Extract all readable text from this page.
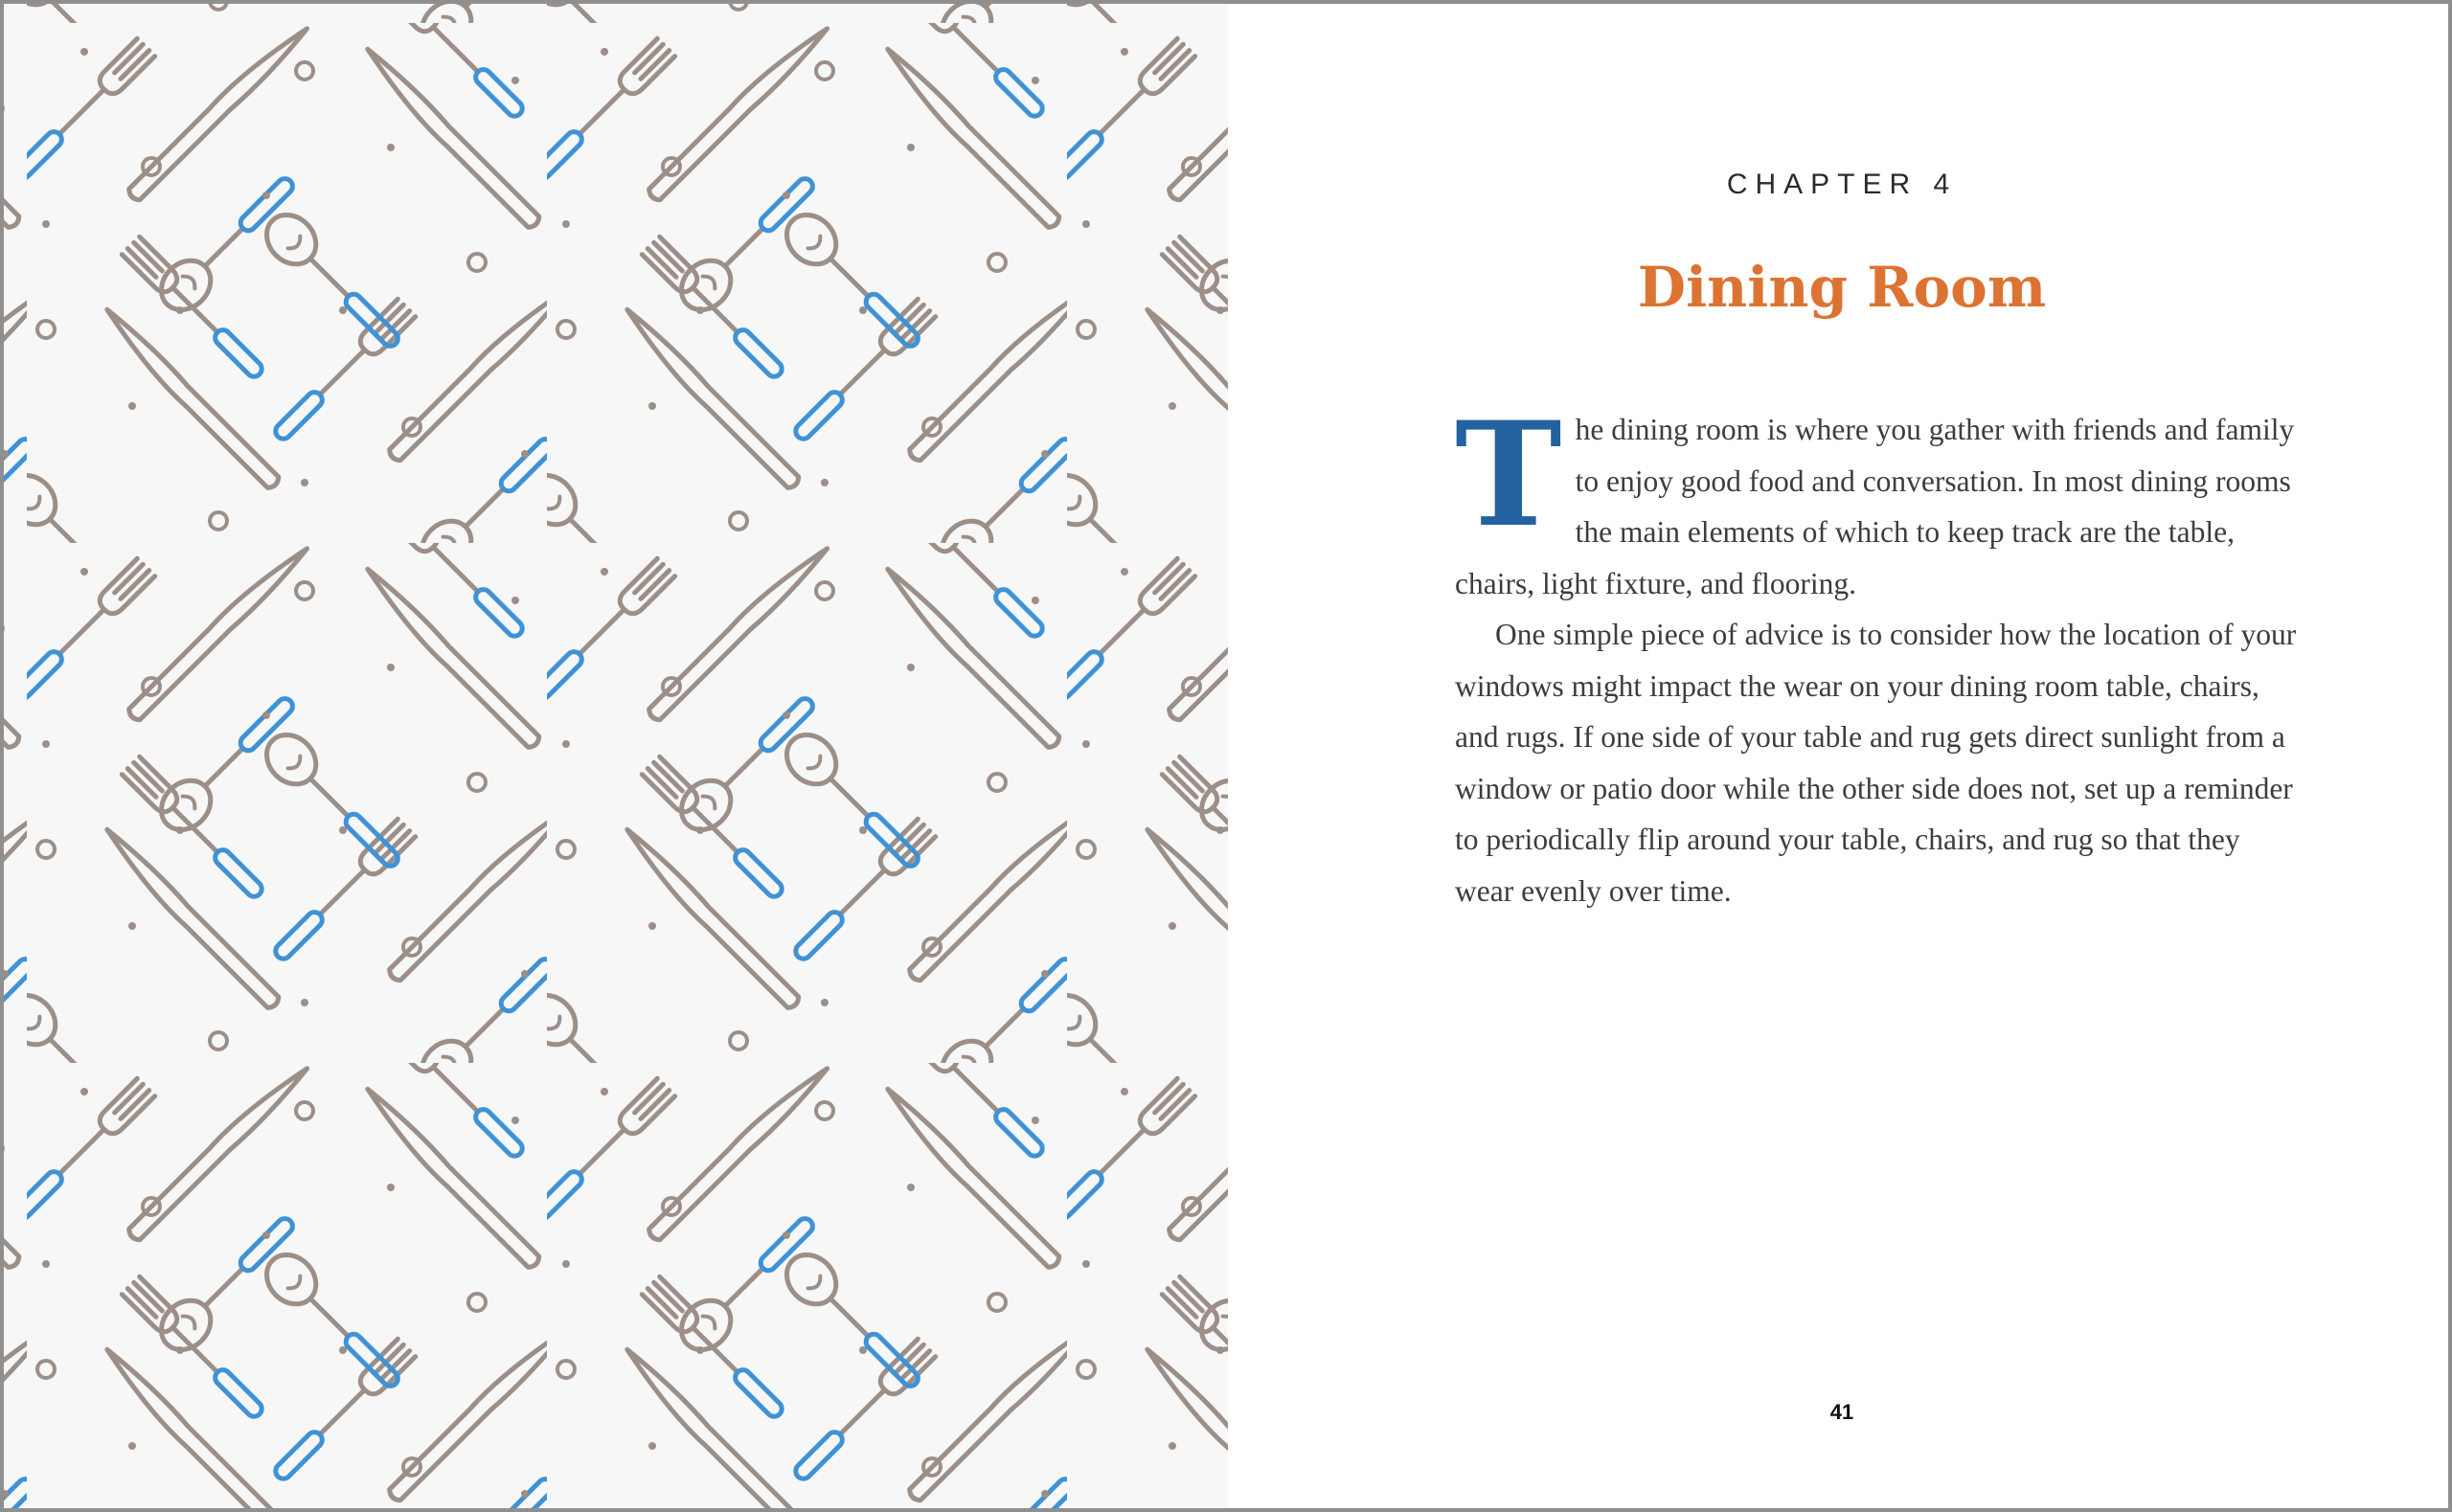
CHAPTER 4
Dining Room

The dining room is where you gather with friends and family to enjoy good food and conversation. In most dining rooms the main elements of which to keep track are the table, chairs, light fixture, and flooring.

One simple piece of advice is to consider how the location of your windows might impact the wear on your dining room table, chairs, and rugs. If one side of your table and rug gets direct sunlight from a window or patio door while the other side does not, set up a reminder to periodically flip around your table, chairs, and rug so that they wear evenly over time.

41
